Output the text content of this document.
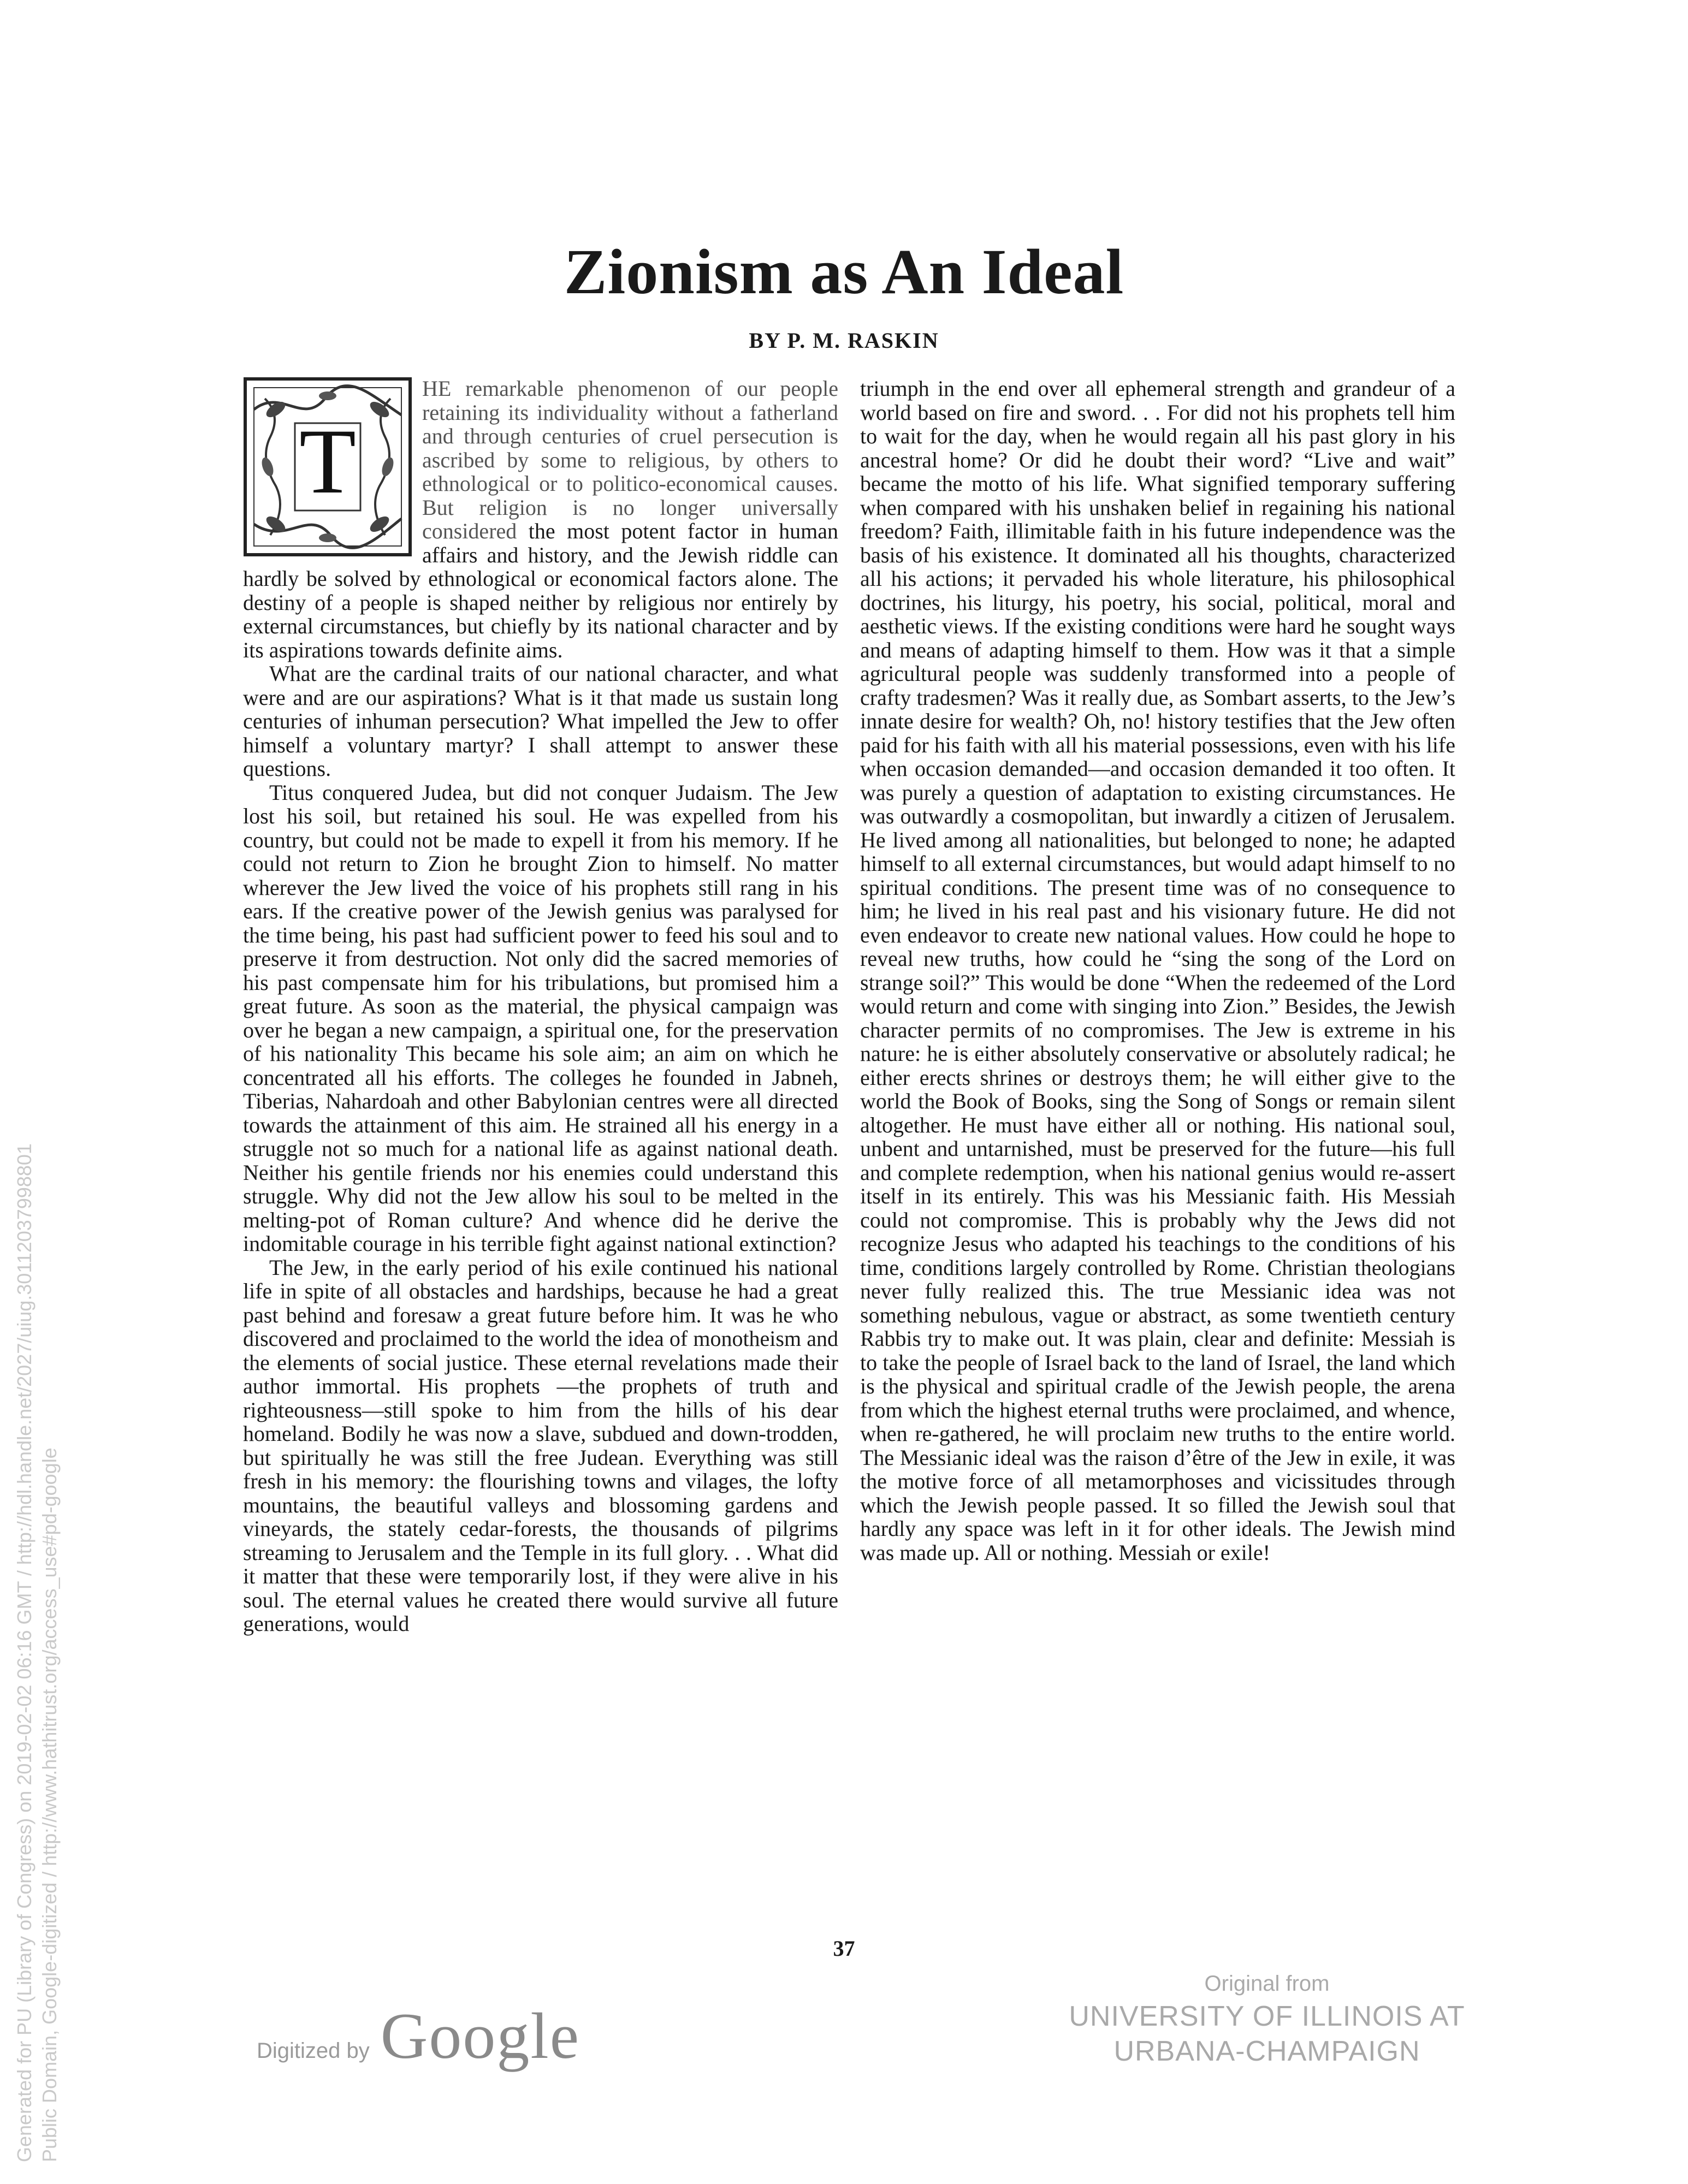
Zionism as An Ideal
BY P. M. RASKIN

T
HE remarkable phenomenon of our people retaining its individuality without a fatherland and through centuries of cruel persecution is ascribed by some to religious, by others to ethnological or to politico-economical causes. But religion is no longer universally considered the most potent factor in human affairs and history, and the Jewish riddle can hardly be solved by ethnological or economical factors alone. The destiny of a people is shaped neither by religious nor entirely by external circumstances, but chiefly by its national character and by its aspirations towards definite aims.

What are the cardinal traits of our national character, and what were and are our aspirations? What is it that made us sustain long centuries of inhuman persecution? What impelled the Jew to offer himself a voluntary martyr? I shall attempt to answer these questions.

Titus conquered Judea, but did not conquer Judaism. The Jew lost his soil, but retained his soul. He was expelled from his country, but could not be made to expell it from his memory. If he could not return to Zion he brought Zion to himself. No matter wherever the Jew lived the voice of his prophets still rang in his ears. If the creative power of the Jewish genius was paralysed for the time being, his past had sufficient power to feed his soul and to preserve it from destruction. Not only did the sacred memories of his past compensate him for his tribulations, but promised him a great future. As soon as the material, the physical campaign was over he began a new campaign, a spiritual one, for the preservation of his nationality This became his sole aim; an aim on which he concentrated all his efforts. The colleges he founded in Jabneh, Tiberias, Nahardoah and other Babylonian centres were all directed towards the attainment of this aim. He strained all his energy in a struggle not so much for a national life as against national death. Neither his gentile friends nor his enemies could understand this struggle. Why did not the Jew allow his soul to be melted in the melting-pot of Roman culture? And whence did he derive the indomitable courage in his terrible fight against national extinction?

The Jew, in the early period of his exile continued his national life in spite of all obstacles and hardships, because he had a great past behind and foresaw a great future before him. It was he who discovered and proclaimed to the world the idea of monotheism and the elements of social justice. These eternal revelations made their author immortal. His prophets —the prophets of truth and righteousness—still spoke to him from the hills of his dear homeland. Bodily he was now a slave, subdued and down-trodden, but spiritually he was still the free Judean. Everything was still fresh in his memory: the flourishing towns and vilages, the lofty mountains, the beautiful valleys and blossoming gardens and vineyards, the stately cedar-forests, the thousands of pilgrims streaming to Jerusalem and the Temple in its full glory. . . What did it matter that these were temporarily lost, if they were alive in his soul. The eternal values he created there would survive all future generations, would

triumph in the end over all ephemeral strength and grandeur of a world based on fire and sword. . . For did not his prophets tell him to wait for the day, when he would regain all his past glory in his ancestral home? Or did he doubt their word? “Live and wait” became the motto of his life. What signified temporary suffering when compared with his unshaken belief in regaining his national freedom? Faith, illimitable faith in his future independence was the basis of his existence. It dominated all his thoughts, characterized all his actions; it pervaded his whole literature, his philosophical doctrines, his liturgy, his poetry, his social, political, moral and aesthetic views. If the existing conditions were hard he sought ways and means of adapting himself to them. How was it that a simple agricultural people was suddenly transformed into a people of crafty tradesmen? Was it really due, as Sombart asserts, to the Jew’s innate desire for wealth? Oh, no! history testifies that the Jew often paid for his faith with all his material possessions, even with his life when occasion demanded—and occasion demanded it too often. It was purely a question of adaptation to existing circumstances. He was outwardly a cosmopolitan, but inwardly a citizen of Jerusalem. He lived among all nationalities, but belonged to none; he adapted himself to all external circumstances, but would adapt himself to no spiritual conditions. The present time was of no consequence to him; he lived in his real past and his visionary future. He did not even endeavor to create new national values. How could he hope to reveal new truths, how could he “sing the song of the Lord on strange soil?” This would be done “When the redeemed of the Lord would return and come with singing into Zion.” Besides, the Jewish character permits of no compromises. The Jew is extreme in his nature: he is either absolutely conservative or absolutely radical; he either erects shrines or destroys them; he will either give to the world the Book of Books, sing the Song of Songs or remain silent altogether. He must have either all or nothing. His national soul, unbent and untarnished, must be preserved for the future—his full and complete redemption, when his national genius would re-assert itself in its entirely. This was his Messianic faith. His Messiah could not compromise. This is probably why the Jews did not recognize Jesus who adapted his teachings to the conditions of his time, conditions largely controlled by Rome. Christian theologians never fully realized this. The true Messianic idea was not something nebulous, vague or abstract, as some twentieth century Rabbis try to make out. It was plain, clear and definite: Messiah is to take the people of Israel back to the land of Israel, the land which is the physical and spiritual cradle of the Jewish people, the arena from which the highest eternal truths were proclaimed, and whence, when re-gathered, he will proclaim new truths to the entire world. The Messianic ideal was the raison d’être of the Jew in exile, it was the motive force of all metamorphoses and vicissitudes through which the Jewish people passed. It so filled the Jewish soul that hardly any space was left in it for other ideals. The Jewish mind was made up. All or nothing. Messiah or exile!

37
Generated for PU (Library of Congress) on 2019-02-02 06:16 GMT / http://hdl.handle.net/2027/uiug.30112037998801 Public Domain, Google-digitized / http://www.hathitrust.org/access_use#pd-google	Digitized by Google
Original from
UNIVERSITY OF ILLINOIS AT
URBANA-CHAMPAIGN
